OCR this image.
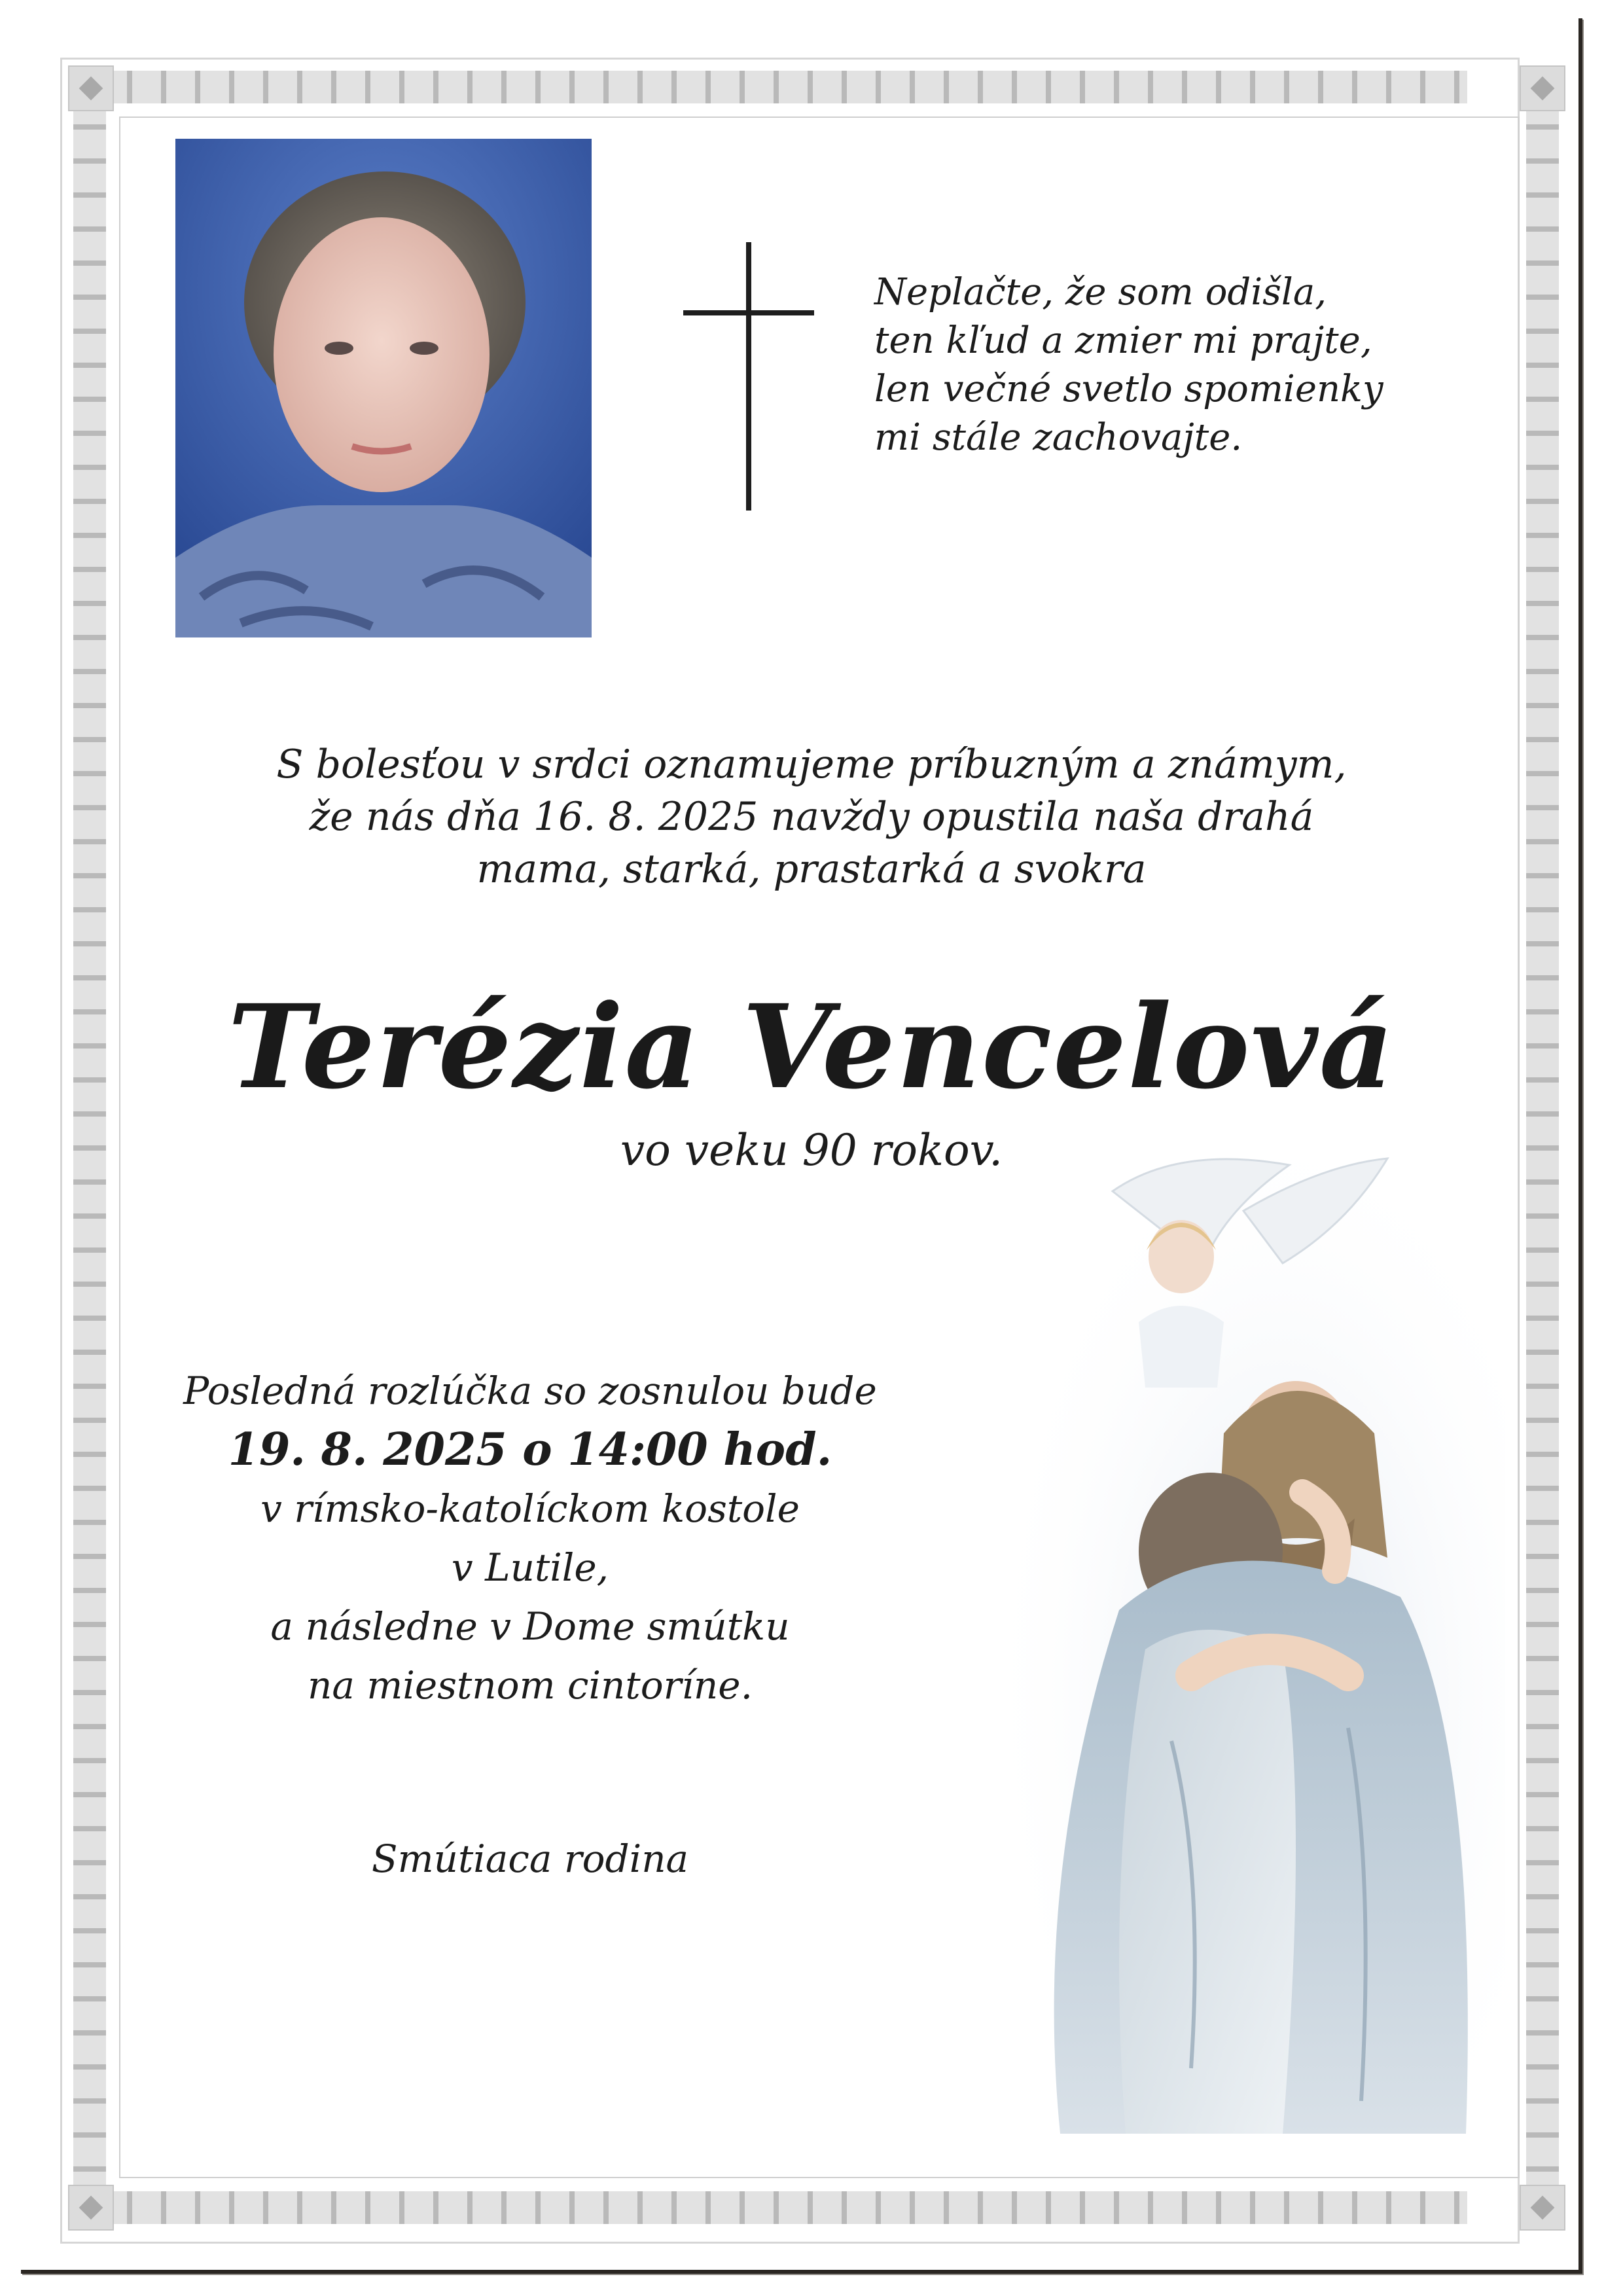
Neplačte, že som odišla,
ten kľud a zmier mi prajte,
len večné svetlo spomienky
mi stále zachovajte.
S bolesťou v srdci oznamujeme príbuzným a známym,
že nás dňa 16. 8. 2025 navždy opustila naša drahá
mama, starká, prastarká a svokra
Terézia Vencelová
vo veku 90 rokov.
Posledná rozlúčka so zosnulou bude
19. 8. 2025 o 14:00 hod.
v rímsko-katolíckom kostole
v Lutile,
a následne v Dome smútku
na miestnom cintoríne.
Smútiaca rodina
